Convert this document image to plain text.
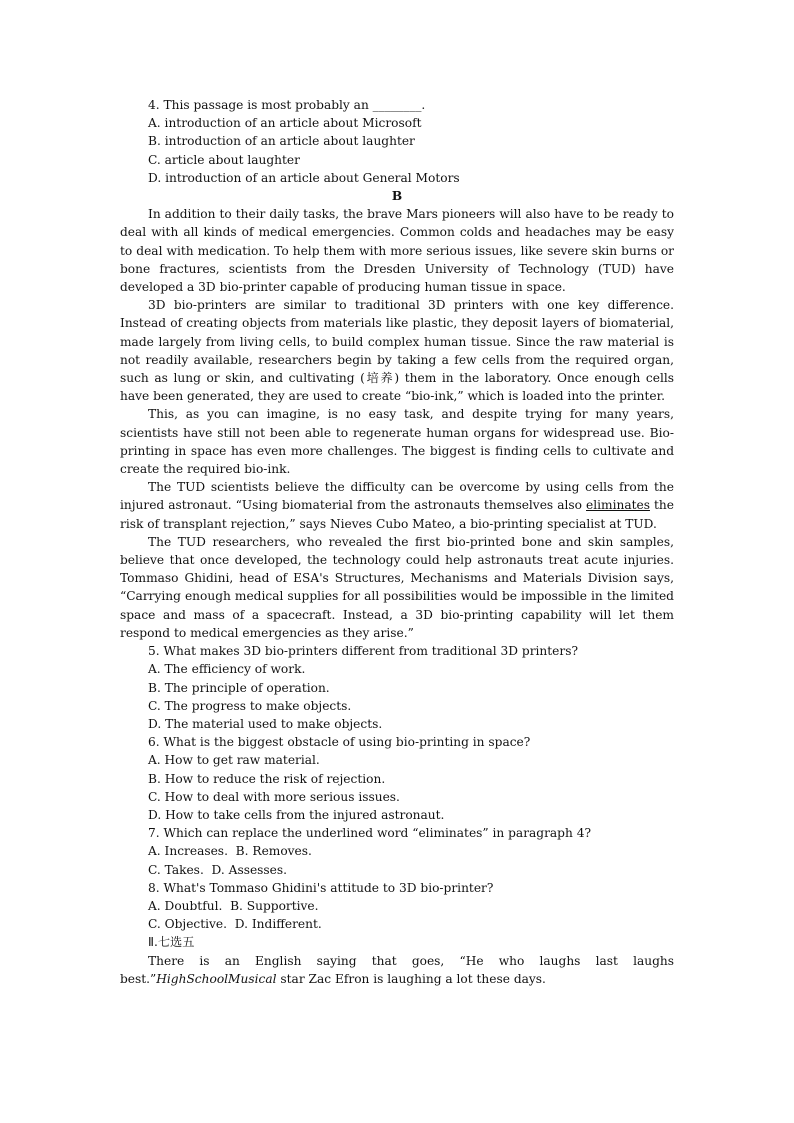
4. This passage is most probably an ________.
A. introduction of an article about Microsoft
B. introduction of an article about laughter
C. article about laughter
D. introduction of an article about General Motors
B

In addition to their daily tasks, the brave Mars pioneers will also have to be ready to deal with all kinds of medical emergencies. Common colds and headaches may be easy to deal with medication. To help them with more serious issues, like severe skin burns or bone fractures, scientists from the Dresden University of Technology (TUD) have developed a 3D bio-printer capable of producing human tissue in space.

3D bio-printers are similar to traditional 3D printers with one key difference. Instead of creating objects from materials like plastic, they deposit layers of biomaterial, made largely from living cells, to build complex human tissue. Since the raw material is not readily available, researchers begin by taking a few cells from the required organ, such as lung or skin, and cultivating (培养) them in the laboratory. Once enough cells have been generated, they are used to create “bio-ink,” which is loaded into the printer.

This, as you can imagine, is no easy task, and despite trying for many years, scientists have still not been able to regenerate human organs for widespread use. Bio-printing in space has even more challenges. The biggest is finding cells to cultivate and create the required bio-ink.

The TUD scientists believe the difficulty can be overcome by using cells from the injured astronaut. “Using biomaterial from the astronauts themselves also eliminates the risk of transplant rejection,” says Nieves Cubo Mateo, a bio-printing specialist at TUD.

The TUD researchers, who revealed the first bio-printed bone and skin samples, believe that once developed, the technology could help astronauts treat acute injuries. Tommaso Ghidini, head of ESA's Structures, Mechanisms and Materials Division says, “Carrying enough medical supplies for all possibilities would be impossible in the limited space and mass of a spacecraft. Instead, a 3D bio-printing capability will let them respond to medical emergencies as they arise.”

5. What makes 3D bio-printers different from traditional 3D printers?
A. The efficiency of work.
B. The principle of operation.
C. The progress to make objects.
D. The material used to make objects.
6. What is the biggest obstacle of using bio-printing in space?
A. How to get raw material.
B. How to reduce the risk of rejection.
C. How to deal with more serious issues.
D. How to take cells from the injured astronaut.
7. Which can replace the underlined word “eliminates” in paragraph 4?
A. Increases.  B. Removes.
C. Takes.  D. Assesses.
8. What's Tommaso Ghidini's attitude to 3D bio-printer?
A. Doubtful.  B. Supportive.
C. Objective.  D. Indifferent.
Ⅱ.七选五

There is an English saying that goes, “He who laughs last laughs best.”HighSchoolMusical star Zac Efron is laughing a lot these days.
